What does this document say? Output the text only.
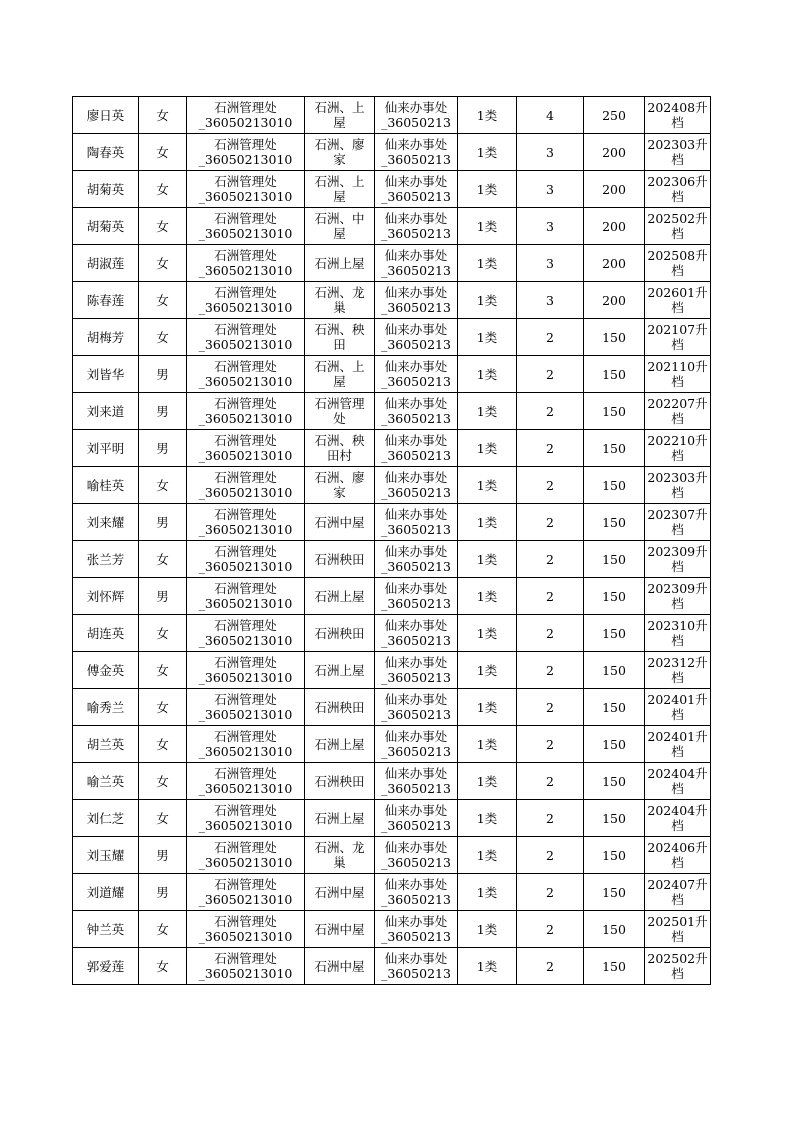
廖日英	女	石洲管理处
_36050213010	石洲、上
屋	仙来办事处
_36050213	1类	4	250	202408升
档

陶春英	女	石洲管理处
_36050213010	石洲、廖
家	仙来办事处
_36050213	1类	3	200	202303升
档

胡菊英	女	石洲管理处
_36050213010	石洲、上
屋	仙来办事处
_36050213	1类	3	200	202306升
档

胡菊英	女	石洲管理处
_36050213010	石洲、中
屋	仙来办事处
_36050213	1类	3	200	202502升
档

胡淑莲	女	石洲管理处
_36050213010	石洲上屋	仙来办事处
_36050213	1类	3	200	202508升
档

陈春莲	女	石洲管理处
_36050213010	石洲、龙
巢	仙来办事处
_36050213	1类	3	200	202601升
档

胡梅芳	女	石洲管理处
_36050213010	石洲、秧
田	仙来办事处
_36050213	1类	2	150	202107升
档

刘皆华	男	石洲管理处
_36050213010	石洲、上
屋	仙来办事处
_36050213	1类	2	150	202110升
档

刘来道	男	石洲管理处
_36050213010	石洲管理
处	仙来办事处
_36050213	1类	2	150	202207升
档

刘平明	男	石洲管理处
_36050213010	石洲、秧
田村	仙来办事处
_36050213	1类	2	150	202210升
档

喻桂英	女	石洲管理处
_36050213010	石洲、廖
家	仙来办事处
_36050213	1类	2	150	202303升
档

刘来耀	男	石洲管理处
_36050213010	石洲中屋	仙来办事处
_36050213	1类	2	150	202307升
档

张兰芳	女	石洲管理处
_36050213010	石洲秧田	仙来办事处
_36050213	1类	2	150	202309升
档

刘怀辉	男	石洲管理处
_36050213010	石洲上屋	仙来办事处
_36050213	1类	2	150	202309升
档

胡连英	女	石洲管理处
_36050213010	石洲秧田	仙来办事处
_36050213	1类	2	150	202310升
档

傅金英	女	石洲管理处
_36050213010	石洲上屋	仙来办事处
_36050213	1类	2	150	202312升
档

喻秀兰	女	石洲管理处
_36050213010	石洲秧田	仙来办事处
_36050213	1类	2	150	202401升
档

胡兰英	女	石洲管理处
_36050213010	石洲上屋	仙来办事处
_36050213	1类	2	150	202401升
档

喻兰英	女	石洲管理处
_36050213010	石洲秧田	仙来办事处
_36050213	1类	2	150	202404升
档

刘仁芝	女	石洲管理处
_36050213010	石洲上屋	仙来办事处
_36050213	1类	2	150	202404升
档

刘玉耀	男	石洲管理处
_36050213010	石洲、龙
巢	仙来办事处
_36050213	1类	2	150	202406升
档

刘道耀	男	石洲管理处
_36050213010	石洲中屋	仙来办事处
_36050213	1类	2	150	202407升
档

钟兰英	女	石洲管理处
_36050213010	石洲中屋	仙来办事处
_36050213	1类	2	150	202501升
档

郭爱莲	女	石洲管理处
_36050213010	石洲中屋	仙来办事处
_36050213	1类	2	150	202502升
档
